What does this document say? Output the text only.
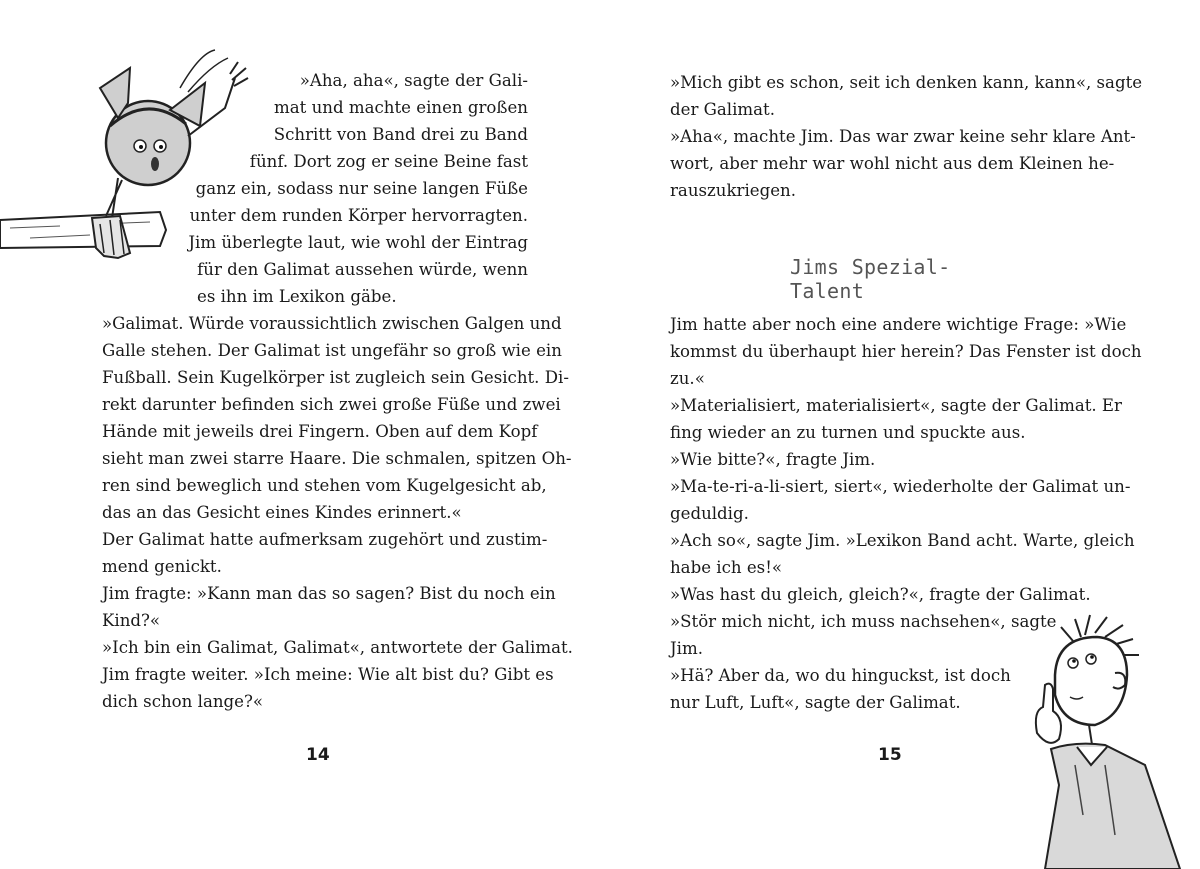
»Aha, aha«, sagte der Gali-
mat und machte einen großen
Schritt von Band drei zu Band
fünf. Dort zog er seine Beine fast
ganz ein, sodass nur seine langen Füße
unter dem runden Körper hervorragten.
Jim überlegte laut, wie wohl der Eintrag
für den Galimat aussehen würde, wenn
es ihn im Lexikon gäbe.
»Galimat. Würde voraussichtlich zwischen Galgen und
Galle stehen. Der Galimat ist ungefähr so groß wie ein
Fußball. Sein Kugelkörper ist zugleich sein Gesicht. Di-
rekt darunter befinden sich zwei große Füße und zwei
Hände mit jeweils drei Fingern. Oben auf dem Kopf
sieht man zwei starre Haare. Die schmalen, spitzen Oh-
ren sind beweglich und stehen vom Kugelgesicht ab,
das an das Gesicht eines Kindes erinnert.«
Der Galimat hatte aufmerksam zugehört und zustim-
mend genickt.
Jim fragte: »Kann man das so sagen? Bist du noch ein
Kind?«
»Ich bin ein Galimat, Galimat«, antwortete der Galimat.
Jim fragte weiter. »Ich meine: Wie alt bist du? Gibt es
dich schon lange?«
14
»Mich gibt es schon, seit ich denken kann, kann«, sagte
der Galimat.
»Aha«, machte Jim. Das war zwar keine sehr klare Ant-
wort, aber mehr war wohl nicht aus dem Kleinen he-
rauszukriegen.
Jims Spezial-Talent
Jim hatte aber noch eine andere wichtige Frage: »Wie
kommst du überhaupt hier herein? Das Fenster ist doch
zu.«
»Materialisiert, materialisiert«, sagte der Galimat. Er
fing wieder an zu turnen und spuckte aus.
»Wie bitte?«, fragte Jim.
»Ma-te-ri-a-li-siert, siert«, wiederholte der Galimat un-
geduldig.
»Ach so«, sagte Jim. »Lexikon Band acht. Warte, gleich
habe ich es!«
»Was hast du gleich, gleich?«, fragte der Galimat.
»Stör mich nicht, ich muss nachsehen«, sagte
Jim.
»Hä? Aber da, wo du hinguckst, ist doch
nur Luft, Luft«, sagte der Galimat.
15
